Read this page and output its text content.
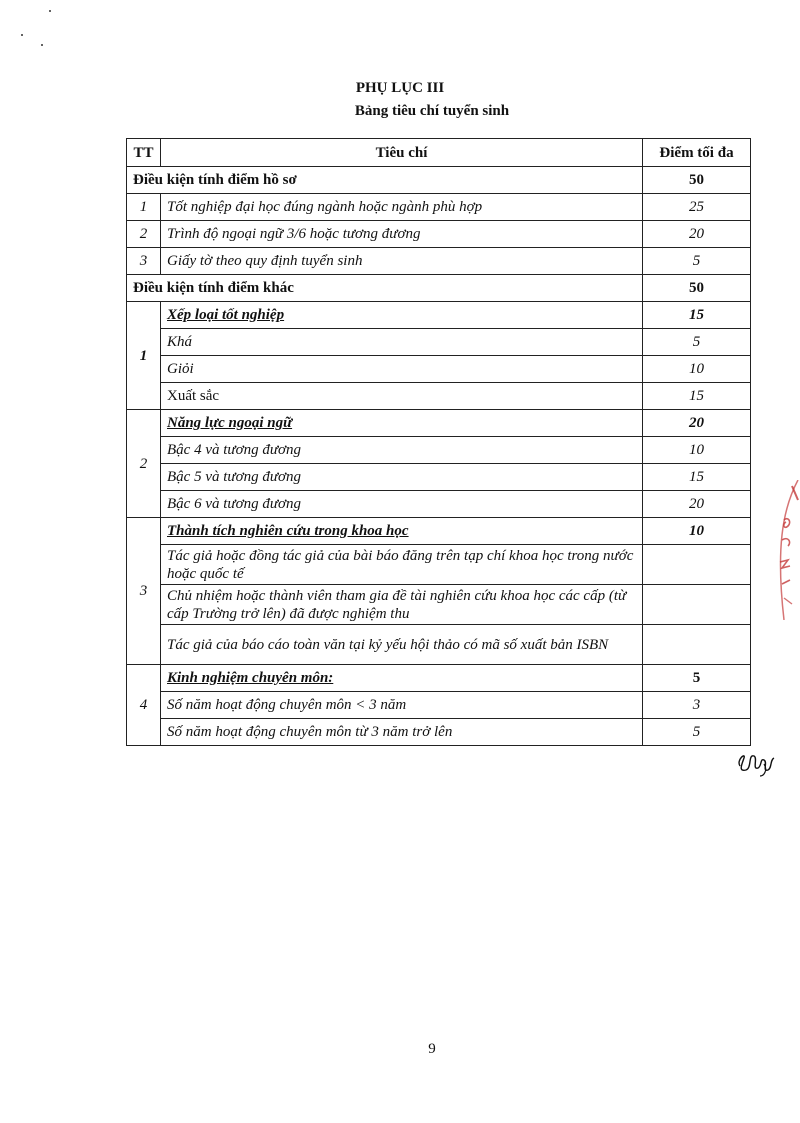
PHỤ LỤC III
Bảng tiêu chí tuyển sinh
TT	Tiêu chí	Điểm tối đa
Điều kiện tính điểm hồ sơ		50
1	Tốt nghiệp đại học đúng ngành hoặc ngành phù hợp	25
2	Trình độ ngoại ngữ 3/6 hoặc tương đương	20
3	Giấy tờ theo quy định tuyển sinh	5
Điều kiện tính điểm khác		50
1	Xếp loại tốt nghiệp	15
	Khá	5
	Giỏi	10
	Xuất sắc	15
2	Năng lực ngoại ngữ	20
	Bậc 4 và tương đương	10
	Bậc 5 và tương đương	15
	Bậc 6 và tương đương	20
3	Thành tích nghiên cứu trong khoa học	10
	Tác giả hoặc đồng tác giả của bài báo đăng trên tạp chí khoa học trong nước hoặc quốc tế	
	Chủ nhiệm hoặc thành viên tham gia đề tài nghiên cứu khoa học các cấp (từ cấp Trường trở lên) đã được nghiệm thu	
	Tác giả của báo cáo toàn văn tại kỷ yếu hội thảo có mã số xuất bản ISBN	
4	Kinh nghiệm chuyên môn:	5
	Số năm hoạt động chuyên môn < 3 năm	3
	Số năm hoạt động chuyên môn từ 3 năm trở lên	5
9
